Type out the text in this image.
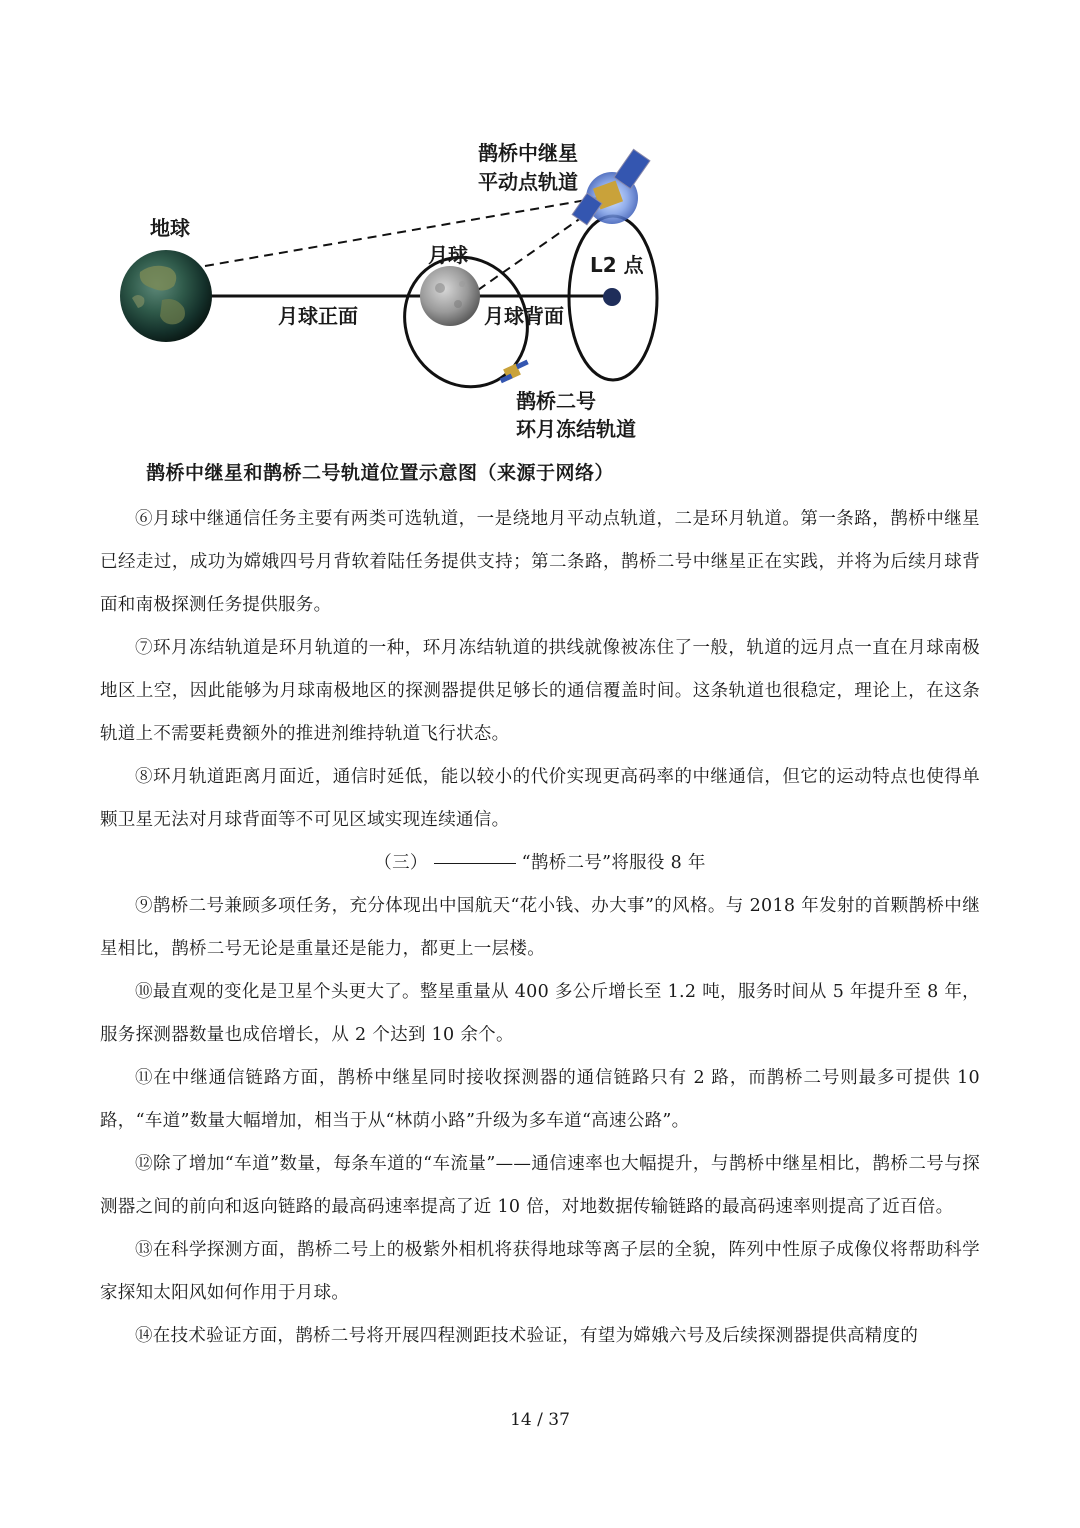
地球
月球
月球正面	月球背面
L2 点
鹊桥中继星
平动点轨道
鹊桥二号
环月冻结轨道
鹊桥中继星和鹊桥二号轨道位置示意图（来源于网络）

⑥月球中继通信任务主要有两类可选轨道，一是绕地月平动点轨道，二是环月轨道。第一条路，鹊桥中继星已经走过，成功为嫦娥四号月背软着陆任务提供支持；第二条路，鹊桥二号中继星正在实践，并将为后续月球背面和南极探测任务提供服务。

⑦环月冻结轨道是环月轨道的一种，环月冻结轨道的拱线就像被冻住了一般，轨道的远月点一直在月球南极地区上空，因此能够为月球南极地区的探测器提供足够长的通信覆盖时间。这条轨道也很稳定，理论上，在这条轨道上不需要耗费额外的推进剂维持轨道飞行状态。

⑧环月轨道距离月面近，通信时延低，能以较小的代价实现更高码率的中继通信，但它的运动特点也使得单颗卫星无法对月球背面等不可见区域实现连续通信。

（三）	“鹊桥二号”将服役 8 年

⑨鹊桥二号兼顾多项任务，充分体现出中国航天“花小钱、办大事”的风格。与 2018 年发射的首颗鹊桥中继星相比，鹊桥二号无论是重量还是能力，都更上一层楼。

⑩最直观的变化是卫星个头更大了。整星重量从 400 多公斤增长至 1.2 吨，服务时间从 5 年提升至 8 年，服务探测器数量也成倍增长，从 2 个达到 10 余个。

⑪在中继通信链路方面，鹊桥中继星同时接收探测器的通信链路只有 2 路，而鹊桥二号则最多可提供 10 路，“车道”数量大幅增加，相当于从“林荫小路”升级为多车道“高速公路”。

⑫除了增加“车道”数量，每条车道的“车流量”——通信速率也大幅提升，与鹊桥中继星相比，鹊桥二号与探测器之间的前向和返向链路的最高码速率提高了近 10 倍，对地数据传输链路的最高码速率则提高了近百倍。

⑬在科学探测方面，鹊桥二号上的极紫外相机将获得地球等离子层的全貌，阵列中性原子成像仪将帮助科学家探知太阳风如何作用于月球。

⑭在技术验证方面，鹊桥二号将开展四程测距技术验证，有望为嫦娥六号及后续探测器提供高精度的

14 / 37
